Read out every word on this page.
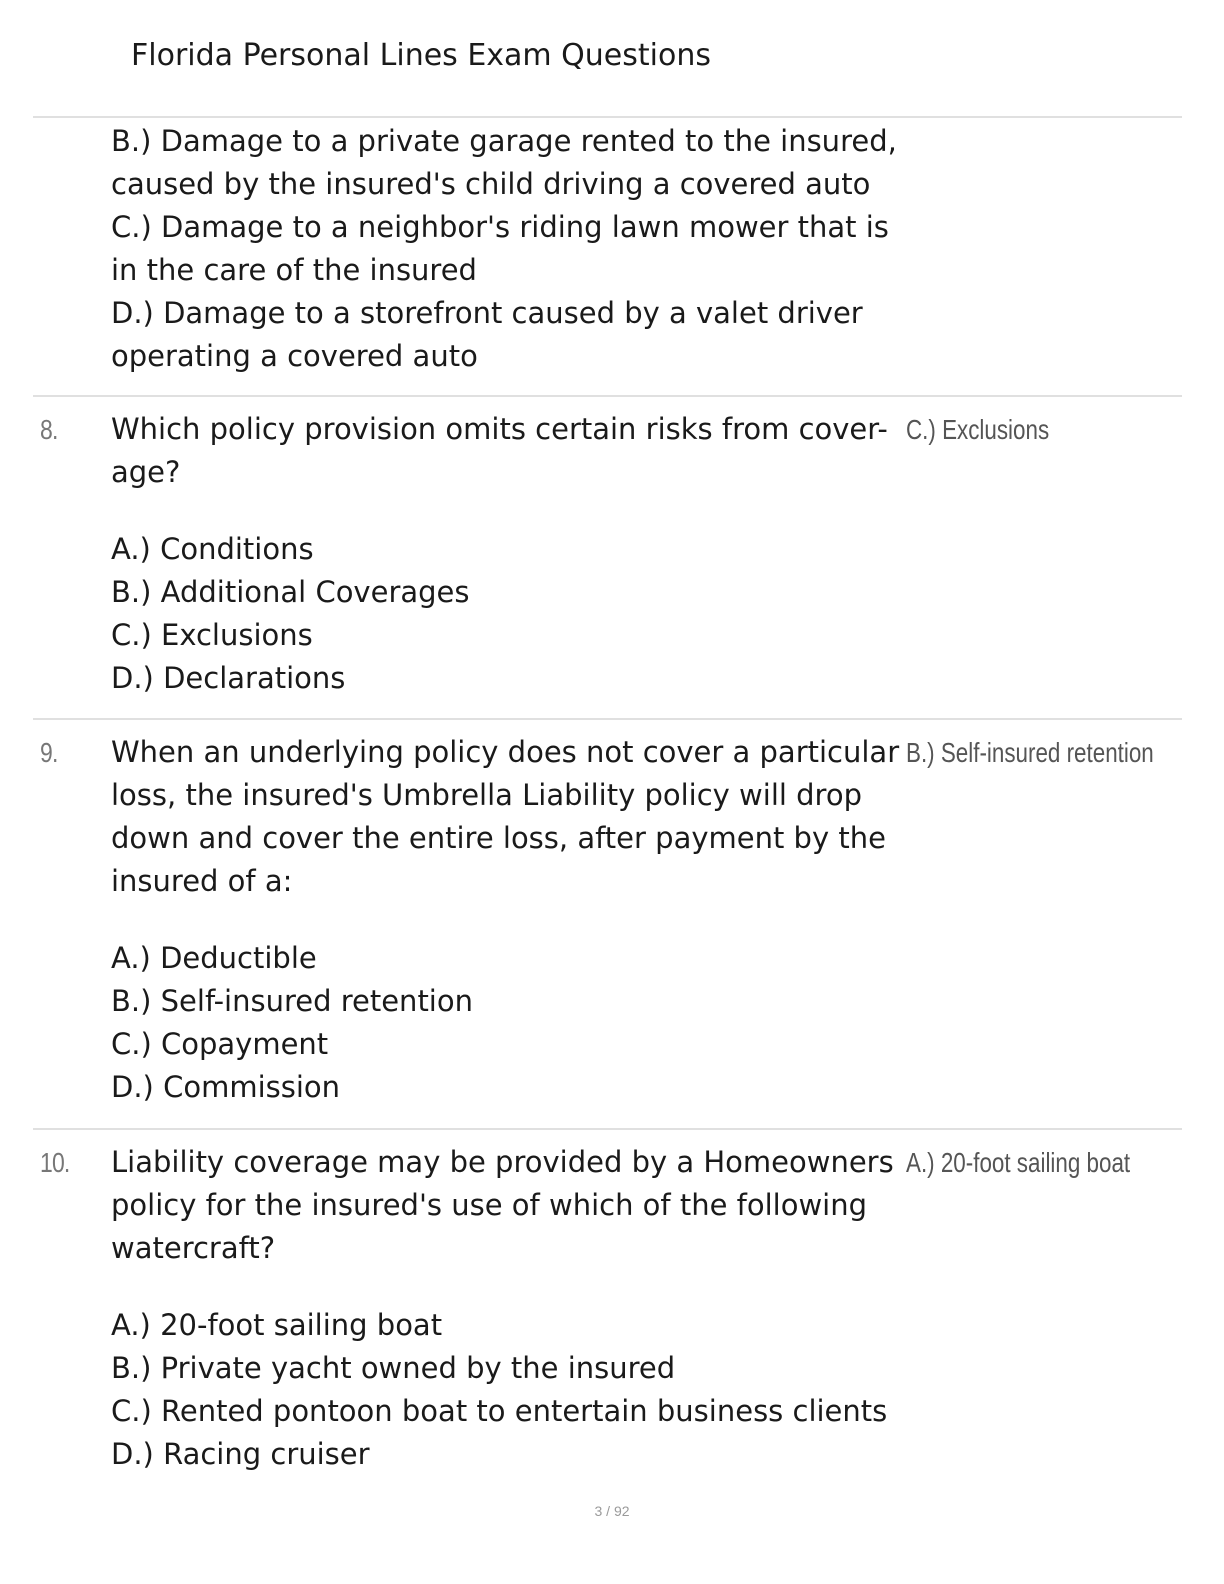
Florida Personal Lines Exam Questions
B.) Damage to a private garage rented to the insured,
caused by the insured's child driving a covered auto
C.) Damage to a neighbor's riding lawn mower that is
in the care of the insured
D.) Damage to a storefront caused by a valet driver
operating a covered auto
8. Which policy provision omits certain risks from cover-
age?
C.) Exclusions
A.) Conditions
B.) Additional Coverages
C.) Exclusions
D.) Declarations
9. When an underlying policy does not cover a particular
loss, the insured's Umbrella Liability policy will drop
down and cover the entire loss, after payment by the
insured of a:
B.) Self-insured retention
A.) Deductible
B.) Self-insured retention
C.) Copayment
D.) Commission
10. Liability coverage may be provided by a Homeowners
policy for the insured's use of which of the following
watercraft?
A.) 20-foot sailing boat
A.) 20-foot sailing boat
B.) Private yacht owned by the insured
C.) Rented pontoon boat to entertain business clients
D.) Racing cruiser
3 / 92
